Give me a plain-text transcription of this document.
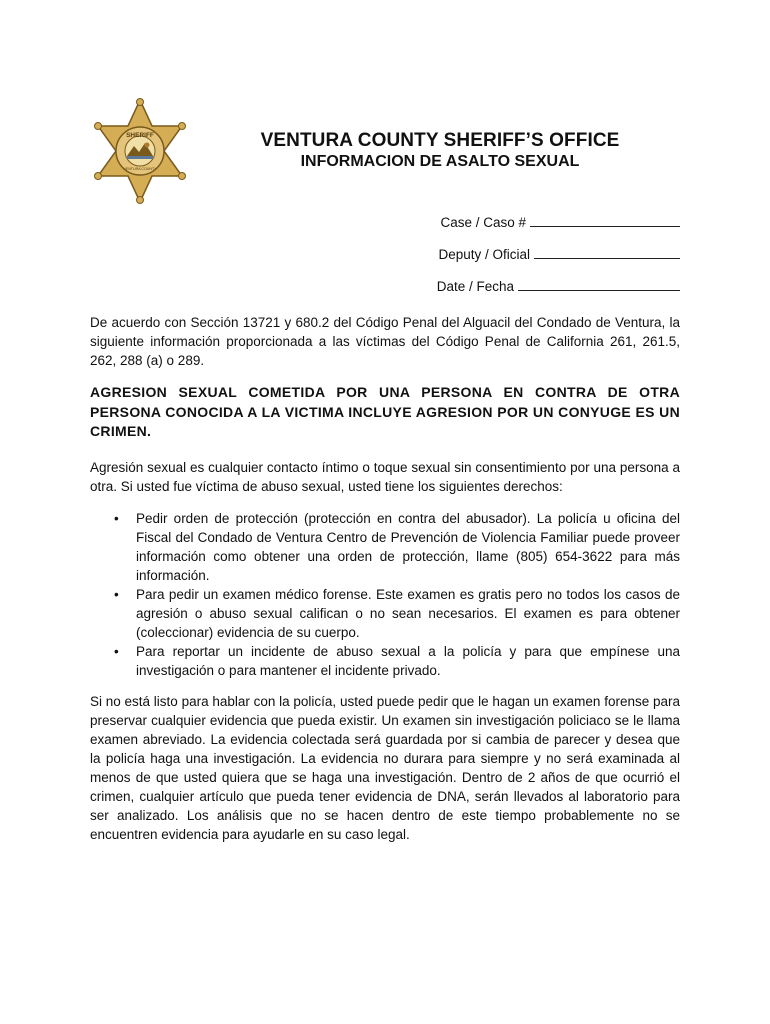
SHERIFF
VENTURA COUNTY
VENTURA COUNTY SHERIFF’S OFFICE
INFORMACION DE ASALTO SEXUAL
Case / Caso #
Deputy / Oficial
Date / Fecha
De acuerdo con Sección 13721 y 680.2 del Código Penal del Alguacil del Condado de Ventura, la siguiente información proporcionada a las víctimas del Código Penal de California 261, 261.5, 262, 288 (a) o 289.
AGRESION SEXUAL COMETIDA POR UNA PERSONA EN CONTRA DE OTRA PERSONA CONOCIDA A LA VICTIMA INCLUYE AGRESION POR UN CONYUGE ES UN CRIMEN.
Agresión sexual es cualquier contacto íntimo o toque sexual sin consentimiento por una persona a otra. Si usted fue víctima de abuso sexual, usted tiene los siguientes derechos:
• Pedir orden de protección (protección en contra del abusador). La policía u oficina del Fiscal del Condado de Ventura Centro de Prevención de Violencia Familiar puede proveer información como obtener una orden de protección, llame (805) 654-3622 para más información.
• Para pedir un examen médico forense. Este examen es gratis pero no todos los casos de agresión o abuso sexual califican o no sean necesarios. El examen es para obtener (coleccionar) evidencia de su cuerpo.
• Para reportar un incidente de abuso sexual a la policía y para que empínese una investigación o para mantener el incidente privado.
Si no está listo para hablar con la policía, usted puede pedir que le hagan un examen forense para preservar cualquier evidencia que pueda existir. Un examen sin investigación policiaco se le llama examen abreviado. La evidencia colectada será guardada por si cambia de parecer y desea que la policía haga una investigación. La evidencia no durara para siempre y no será examinada al menos de que usted quiera que se haga una investigación. Dentro de 2 años de que ocurrió el crimen, cualquier artículo que pueda tener evidencia de DNA, serán llevados al laboratorio para ser analizado. Los análisis que no se hacen dentro de este tiempo probablemente no se encuentren evidencia para ayudarle en su caso legal.
